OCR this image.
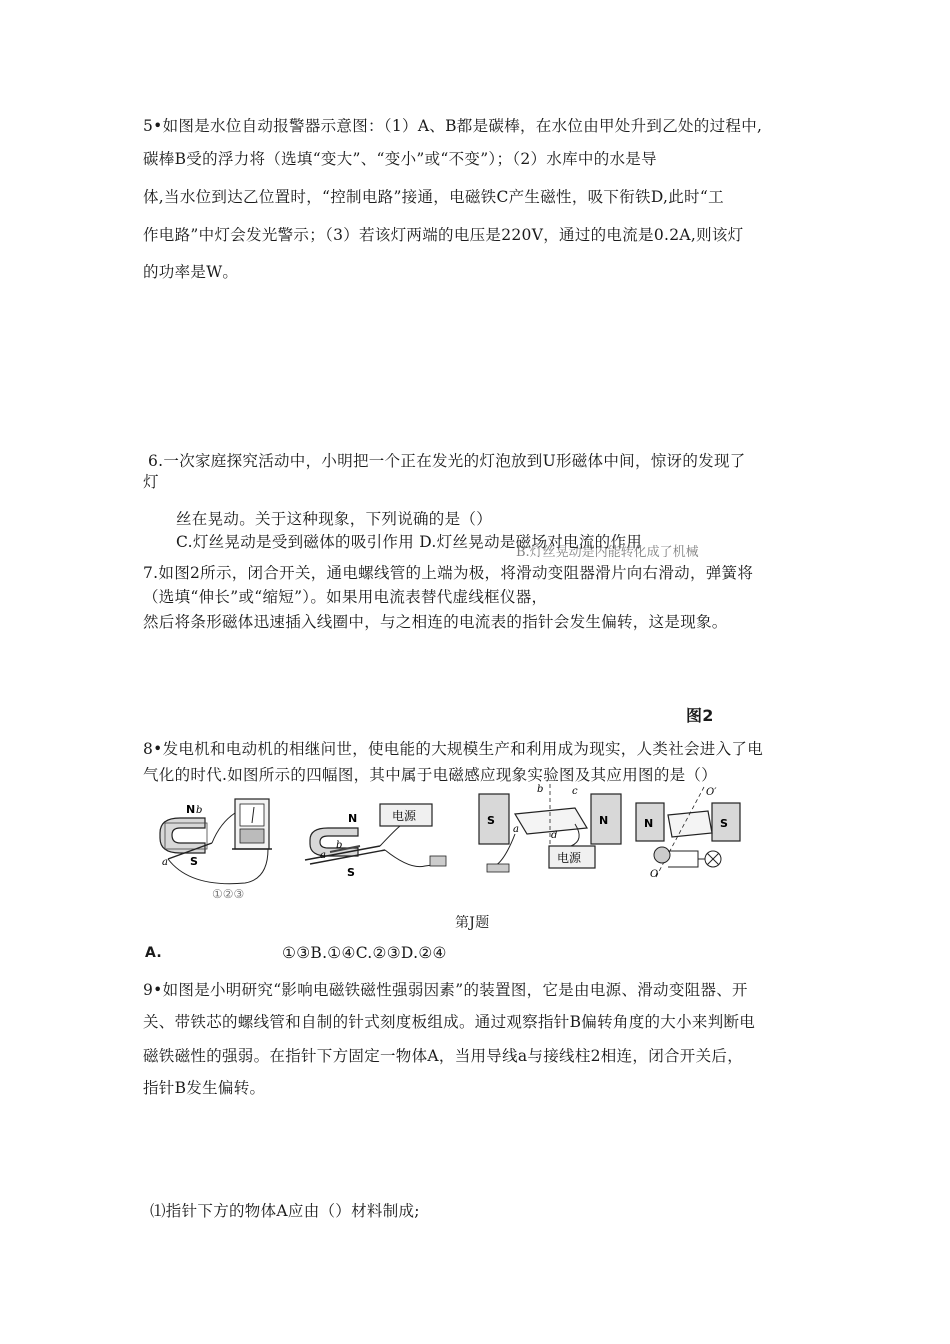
5•如图是水位自动报警器示意图：（1）A、B都是碳棒，在水位由甲处升到乙处的过程中,
碳棒B受的浮力将（选填“变大”、“变小”或“不变”）；（2）水库中的水是导
体,当水位到达乙位置时，“控制电路”接通，电磁铁C产生磁性，吸下衔铁D,此时“工
作电路”中灯会发光警示；（3）若该灯两端的电压是220V，通过的电流是0.2A,则该灯
的功率是W。
6.一次家庭探究活动中，小明把一个正在发光的灯泡放到U形磁体中间，惊讶的发现了
灯
丝在晃动。关于这种现象，下列说确的是（）
B.灯丝晃动是内能转化成了机械
C.灯丝晃动是受到磁体的吸引作用 D.灯丝晃动是磁场对电流的作用
7.如图2所示，闭合开关，通电螺线管的上端为极，将滑动变阻器滑片向右滑动，弹簧将
（选填“伸长”或“缩短”）。如果用电流表替代虚线框仪器，
然后将条形磁体迅速插入线圈中，与之相连的电流表的指针会发生偏转，这是现象。
图2
8•发电机和电动机的相继问世，使电能的大规模生产和利用成为现实，人类社会进入了电
气化的时代.如图所示的四幅图，其中属于电磁感应现象实验图及其应用图的是（）
N b
a S
电源
N
b
a
S
电源
S	N
b	c
a
d
N	S
O′
O
①②③
第J题
A.	①③B.①④C.②③D.②④
9•如图是小明研究“影响电磁铁磁性强弱因素”的装置图，它是由电源、滑动变阻器、开
关、带铁芯的螺线管和自制的针式刻度板组成。通过观察指针B偏转角度的大小来判断电
磁铁磁性的强弱。在指针下方固定一物体A，当用导线a与接线柱2相连，闭合开关后，
指针B发生偏转。
⑴指针下方的物体A应由（）材料制成;
